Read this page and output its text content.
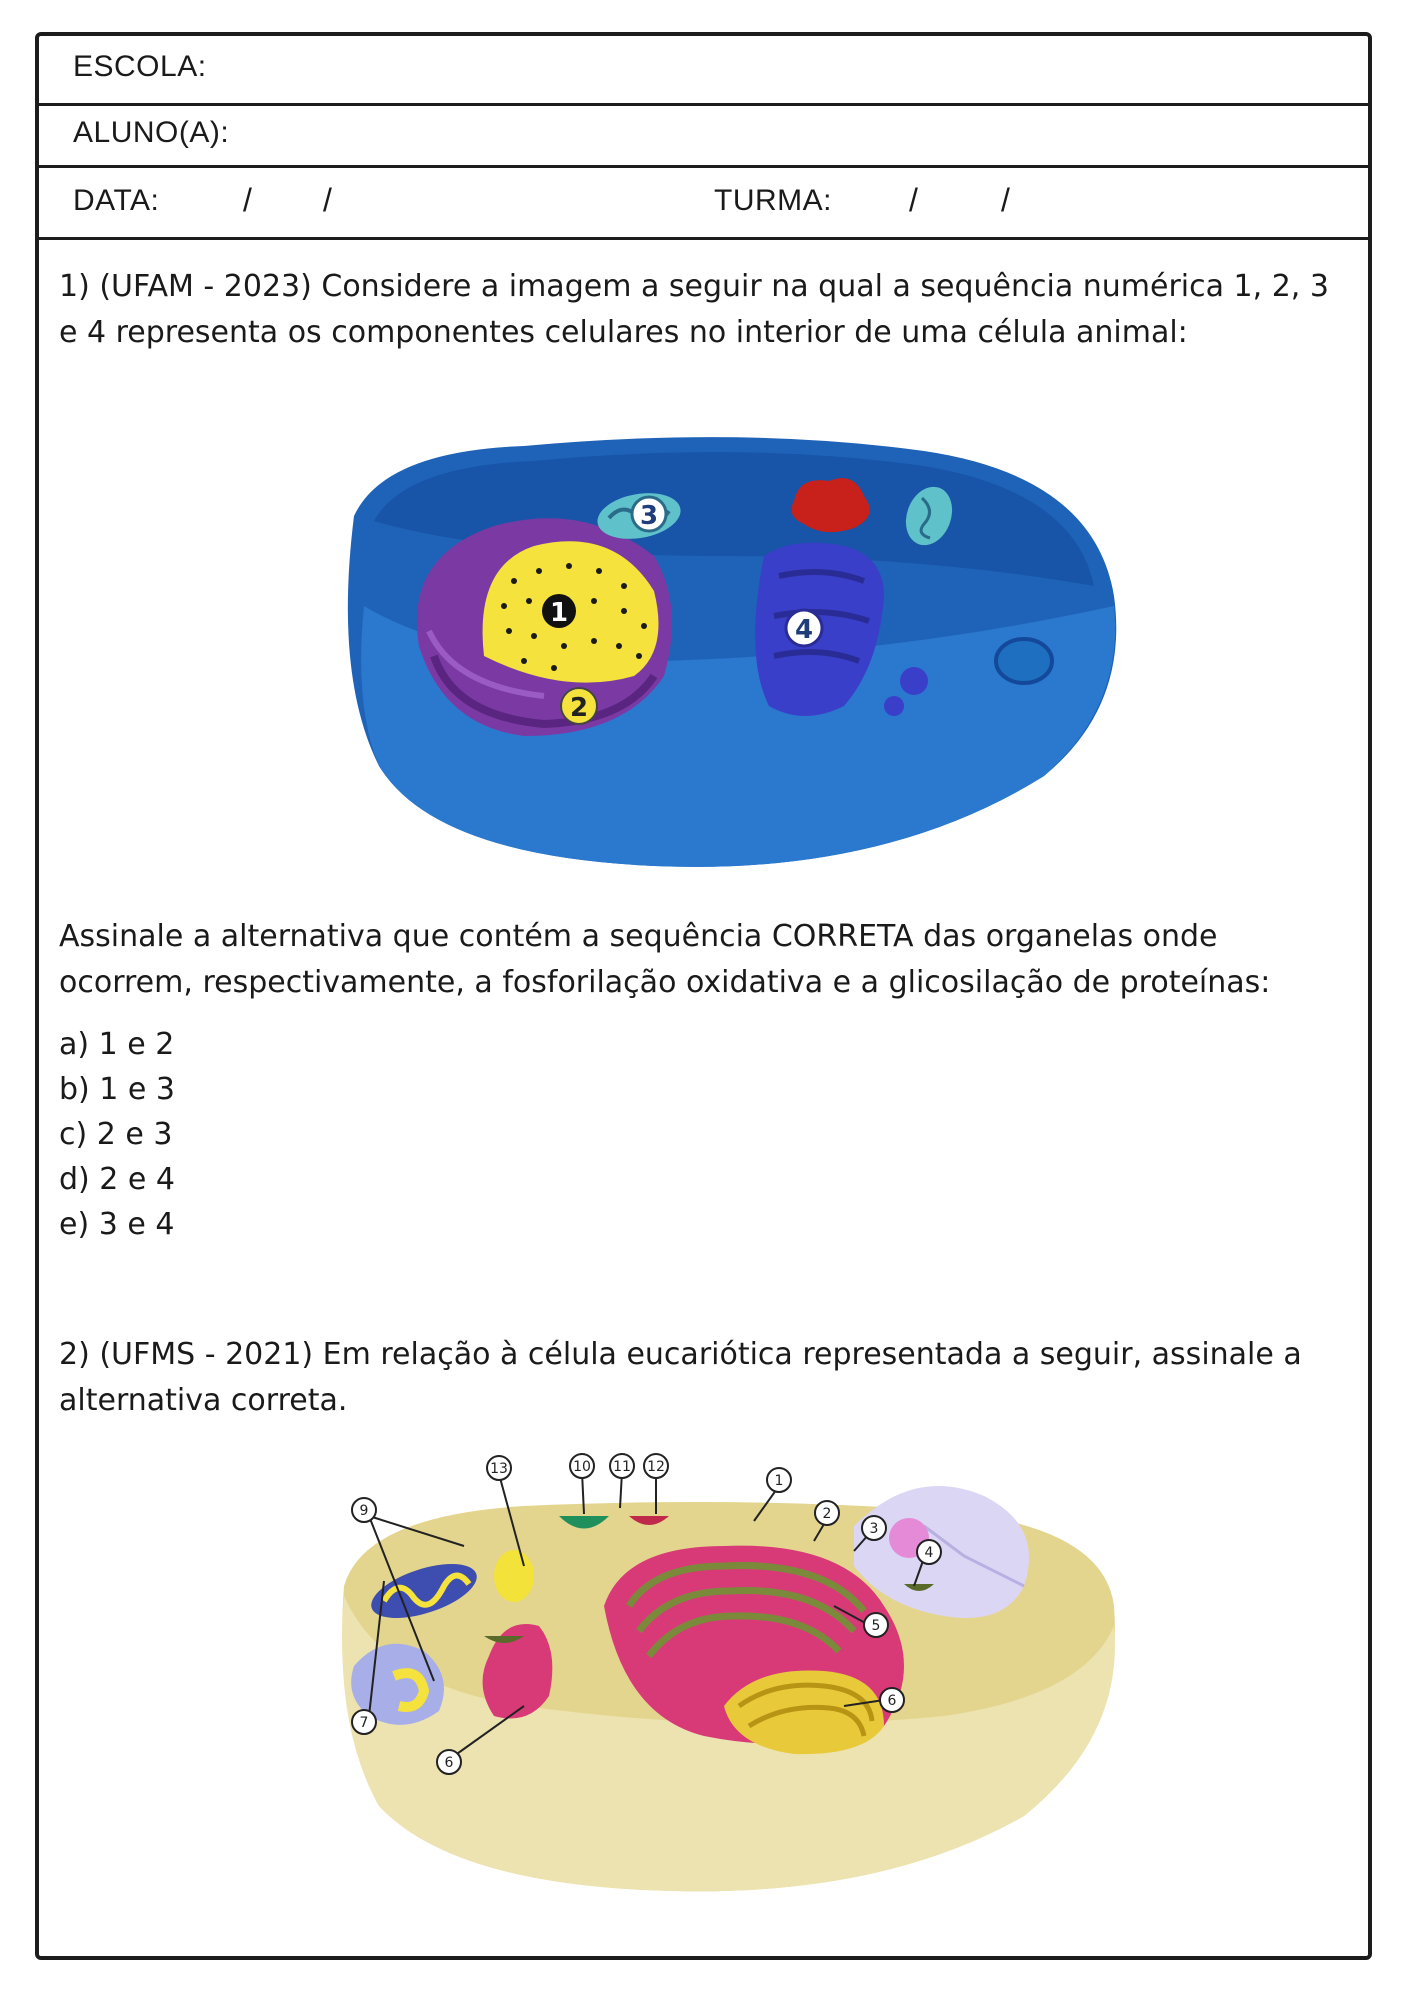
ESCOLA:
ALUNO(A):
DATA:	/ /	TURMA: /	/
1) (UFAM - 2023) Considere a imagem a seguir na qual a sequência numérica 1, 2, 3
e 4 representa os componentes celulares no interior de uma célula animal:
1
2
3
4
Assinale a alternativa que contém a sequência CORRETA das organelas onde
ocorrem, respectivamente, a fosforilação oxidativa e a glicosilação de proteínas:
a) 1 e 2
b) 1 e 3
c) 2 e 3
d) 2 e 4
e) 3 e 4
2) (UFMS - 2021) Em relação à célula eucariótica representada a seguir, assinale a
alternativa correta.
13	10 11 12
1
2
3
4
5
6
9
7
6
